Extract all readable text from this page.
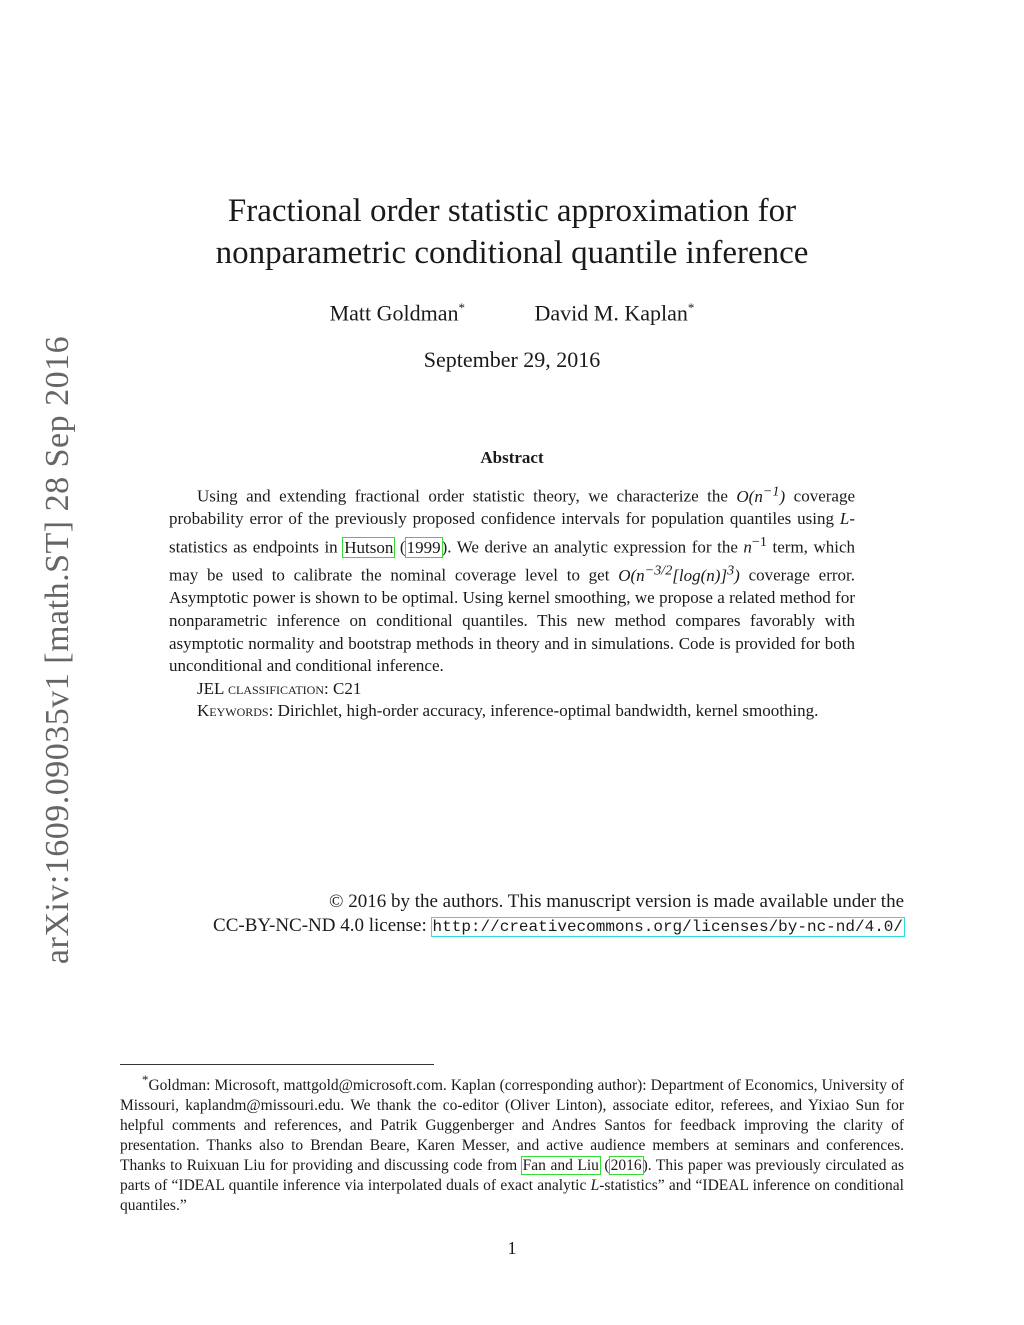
arXiv:1609.09035v1 [math.ST] 28 Sep 2016
Fractional order statistic approximation for
nonparametric conditional quantile inference
Matt Goldman*	David M. Kaplan*
September 29, 2016
Abstract

Using and extending fractional order statistic theory, we characterize the $O(n^{-1})$ coverage probability error of the previously proposed confidence intervals for population quantiles using L-statistics as endpoints in Hutson (1999). We derive an analytic expression for the $n^{-1}$ term, which may be used to calibrate the nominal coverage level to get $O(n^{-3/2}[\log(n)]^3)$ coverage error. Asymptotic power is shown to be optimal. Using kernel smoothing, we propose a related method for nonparametric inference on conditional quantiles. This new method compares favorably with asymptotic normality and bootstrap methods in theory and in simulations. Code is provided for both unconditional and conditional inference.

JEL classification: C21

Keywords: Dirichlet, high-order accuracy, inference-optimal bandwidth, kernel smoothing.

© 2016 by the authors. This manuscript version is made available under the
CC-BY-NC-ND 4.0 license: http://creativecommons.org/licenses/by-nc-nd/4.0/

*Goldman: Microsoft, mattgold@microsoft.com. Kaplan (corresponding author): Department of Economics, University of Missouri, kaplandm@missouri.edu. We thank the co-editor (Oliver Linton), associate editor, referees, and Yixiao Sun for helpful comments and references, and Patrik Guggenberger and Andres Santos for feedback improving the clarity of presentation. Thanks also to Brendan Beare, Karen Messer, and active audience members at seminars and conferences. Thanks to Ruixuan Liu for providing and discussing code from Fan and Liu (2016). This paper was previously circulated as parts of “IDEAL quantile inference via interpolated duals of exact analytic L-statistics” and “IDEAL inference on conditional quantiles.”

1
